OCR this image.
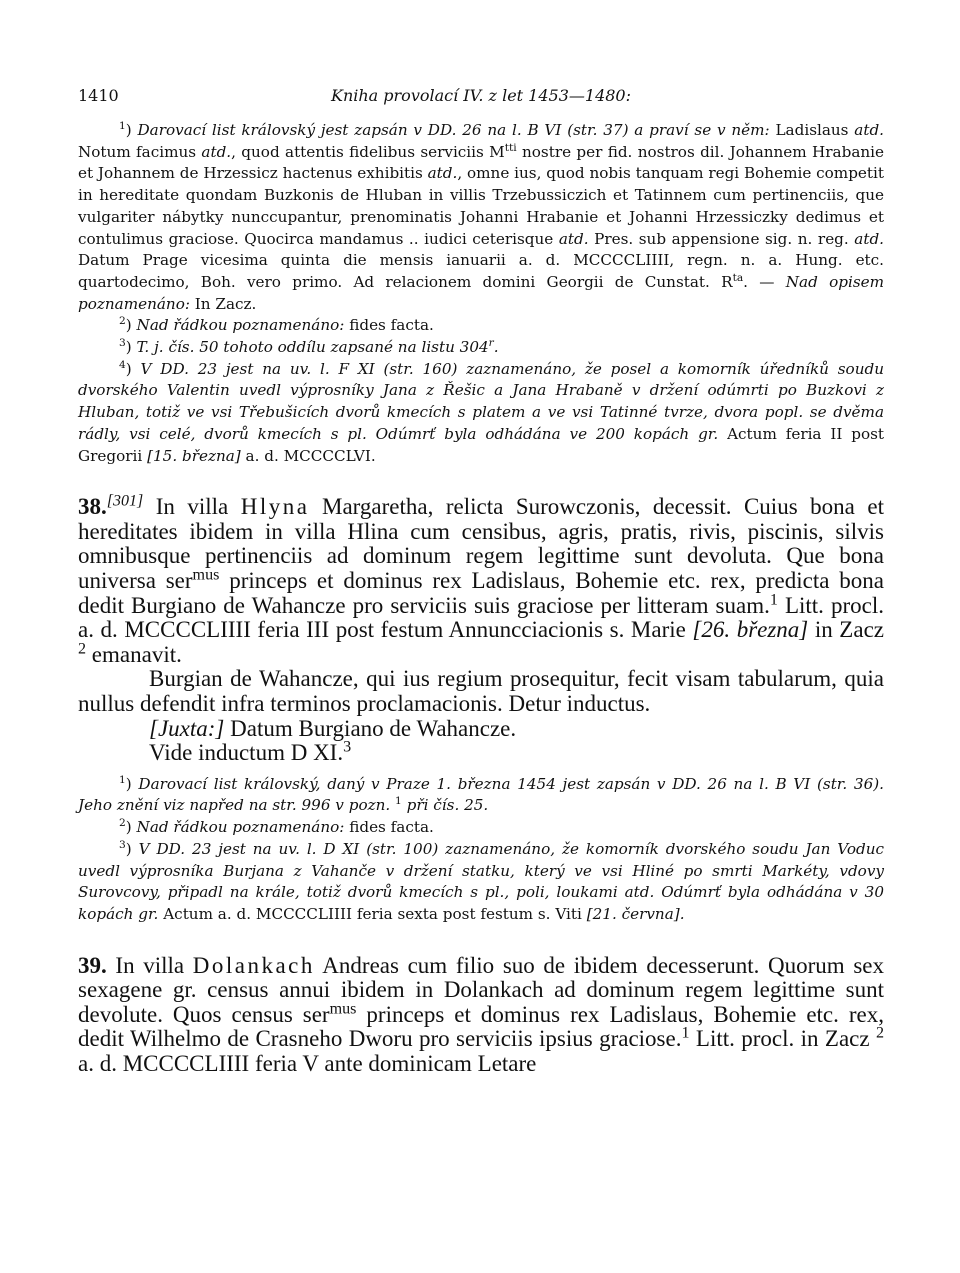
1410	Kniha provolací IV. z let 1453—1480:

$^1$) Darovací list královský jest zapsán v DD. 26 na l. B VI (str. 37) a praví se v něm: Ladislaus atd. Notum facimus atd., quod attentis fidelibus serviciis $M^{tti}$ nostre per fid. nostros dil. Johannem Hrabanie et Johannem de Hrzessicz hactenus exhibitis atd., omne ius, quod nobis tanquam regi Bohemie competit in hereditate quondam Buzkonis de Hluban in villis Trzebussiczich et Tatinnem cum pertinenciis, que vulgariter nábytky nunccupantur, prenominatis Johanni Hrabanie et Johanni Hrzessiczky dedimus et contulimus graciose. Quocirca mandamus .. iudici ceterisque atd. Pres. sub appensione sig. n. reg. atd. Datum Prage vicesima quinta die mensis ianuarii a. d. MCCCCLIIII, regn. n. a. Hung. etc. quartodecimo, Boh. vero primo. Ad relacionem domini Georgii de Cunstat. $R^{ta}$. — Nad opisem poznamenáno: In Zacz.

$^2$) Nad řádkou poznamenáno: fides facta.

$^3$) T. j. čís. 50 tohoto oddílu zapsané na listu 304$^r$.

$^4$) V DD. 23 jest na uv. l. F XI (str. 160) zaznamenáno, že posel a komorník úředníků soudu dvorského Valentin uvedl výprosníky Jana z Řešic a Jana Hrabaně v držení odúmrti po Buzkovi z Hluban, totiž ve vsi Třebušicích dvorů kmecích s platem a ve vsi Tatinné tvrze, dvora popl. se dvěma rádly, vsi celé, dvorů kmecích s pl. Odúmrť byla odhádána ve 200 kopách gr. Actum feria II post Gregorii [15. března] a. d. MCCCCLVI.

38.[301] In villa Hlyna Margaretha, relicta Surowczonis, decessit. Cuius bona et hereditates ibidem in villa Hlina cum censibus, agris, pratis, rivis, piscinis, silvis omnibusque pertinenciis ad dominum regem legittime sunt devoluta. Que bona universa ser$^{mus}$ princeps et dominus rex Ladislaus, Bohemie etc. rex, predicta bona dedit Burgiano de Wahancze pro serviciis suis graciose per litteram suam.$^1$ Litt. procl. a. d. MCCCCLIIII feria III post festum Annuncciacionis s. Marie [26. března] in Zacz $^2$ emanavit.

Burgian de Wahancze, qui ius regium prosequitur, fecit visam tabularum, quia nullus defendit infra terminos proclamacionis. Detur inductus.

[Juxta:] Datum Burgiano de Wahancze.

Vide inductum D XI.$^3$

$^1$) Darovací list královský, daný v Praze 1. března 1454 jest zapsán v DD. 26 na l. B VI (str. 36). Jeho znění viz napřed na str. 996 v pozn. $^1$ při čís. 25.

$^2$) Nad řádkou poznamenáno: fides facta.

$^3$) V DD. 23 jest na uv. l. D XI (str. 100) zaznamenáno, že komorník dvorského soudu Jan Voduc uvedl výprosníka Burjana z Vahanče v držení statku, který ve vsi Hliné po smrti Markéty, vdovy Surovcovy, připadl na krále, totiž dvorů kmecích s pl., poli, loukami atd. Odúmrť byla odhádána v 30 kopách gr. Actum a. d. MCCCCLIIII feria sexta post festum s. Viti [21. června].

39. In villa Dolankach Andreas cum filio suo de ibidem decesserunt. Quorum sex sexagene gr. census annui ibidem in Dolankach ad dominum regem legittime sunt devolute. Quos census ser$^{mus}$ princeps et dominus rex Ladislaus, Bohemie etc. rex, dedit Wilhelmo de Crasneho Dworu pro serviciis ipsius graciose.$^1$ Litt. procl. in Zacz $^2$ a. d. MCCCCLIIII feria V ante dominicam Letare
